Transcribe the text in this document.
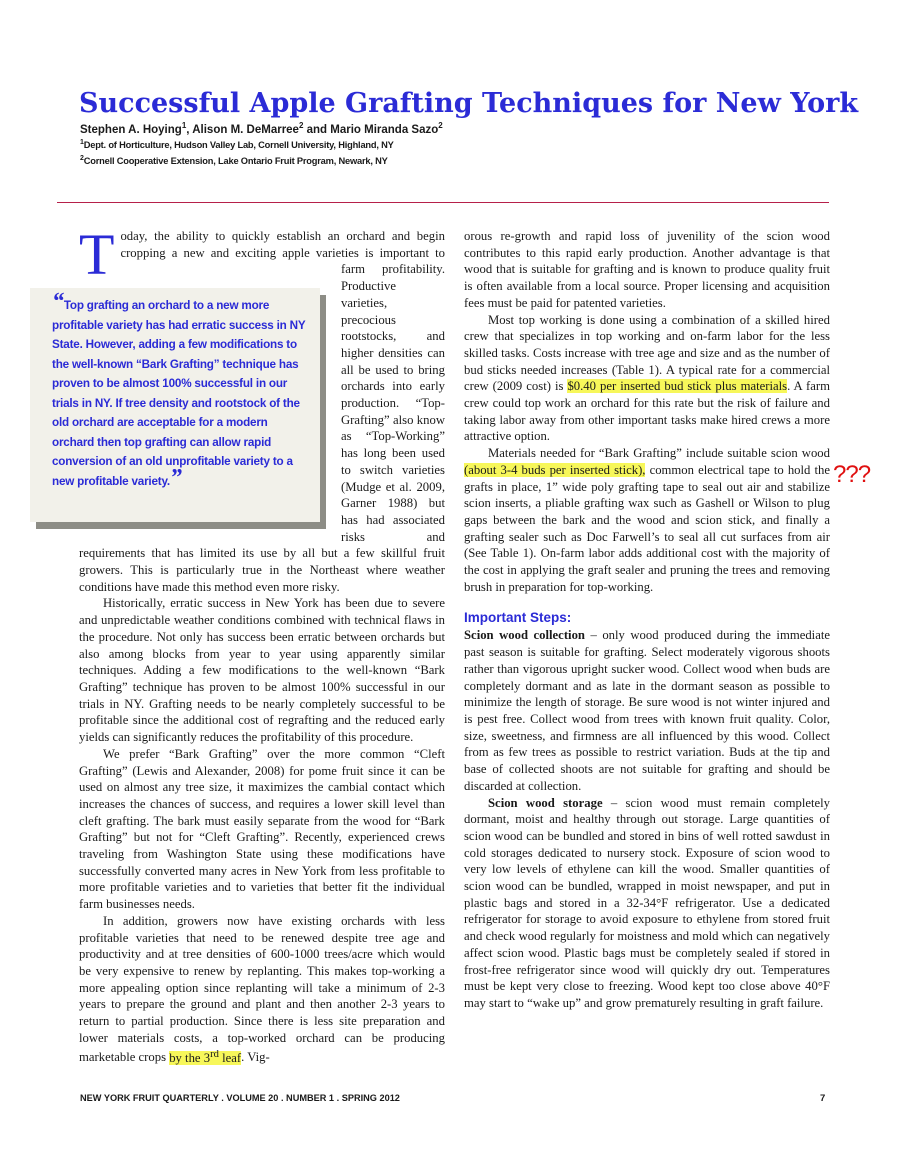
Successful Apple Grafting Techniques for New York
Stephen A. Hoying$^1$, Alison M. DeMarree$^2$ and Mario Miranda Sazo$^2$
$^1$Dept. of Horticulture, Hudson Valley Lab, Cornell University, Highland, NY
$^2$Cornell Cooperative Extension, Lake Ontario Fruit Program, Newark, NY
T oday, the ability to quickly establish an orchard and begin cropping a new and exciting apple varieties is important to farm profitability. Productive varieties, precocious rootstocks, and higher densities can all be used to bring orchards into early production. “Top-Grafting” also know as “Top-Working” has long been used to switch varieties (Mudge et al. 2009, Garner 1988) but has had associated risks and requirements that has limited its use by all but a few skillful fruit growers. This is particularly true in the Northeast where weather conditions have made this method even more risky.

Historically, erratic success in New York has been due to severe and unpredictable weather conditions combined with technical flaws in the procedure. Not only has success been erratic between orchards but also among blocks from year to year using apparently similar techniques. Adding a few modifications to the well-known “Bark Grafting” technique has proven to be almost 100% successful in our trials in NY. Grafting needs to be nearly completely successful to be profitable since the additional cost of regrafting and the reduced early yields can significantly reduces the profitability of this procedure.

We prefer “Bark Grafting” over the more common “Cleft Grafting” (Lewis and Alexander, 2008) for pome fruit since it can be used on almost any tree size, it maximizes the cambial contact which increases the chances of success, and requires a lower skill level than cleft grafting. The bark must easily separate from the wood for “Bark Grafting” but not for “Cleft Grafting”. Recently, experienced crews traveling from Washington State using these modifications have successfully converted many acres in New York from less profitable to more profitable varieties and to varieties that better fit the individual farm businesses needs.

In addition, growers now have existing orchards with less profitable varieties that need to be renewed despite tree age and productivity and at tree densities of 600-1000 trees/acre which would be very expensive to renew by replanting. This makes top-working a more appealing option since replanting will take a minimum of 2-3 years to prepare the ground and plant and then another 2-3 years to return to partial production. Since there is less site preparation and lower materials costs, a top-worked orchard can be producing marketable crops by the 3rd leaf. Vig-

“Top grafting an orchard to a new more profitable variety has had erratic success in NY State. However, adding a few modifications to the well-known “Bark Grafting” technique has proven to be almost 100% successful in our trials in NY. If tree density and rootstock of the old orchard are acceptable for a modern orchard then top grafting can allow rapid conversion of an old unprofitable variety to a new profitable variety.”

orous re-growth and rapid loss of juvenility of the scion wood contributes to this rapid early production. Another advantage is that wood that is suitable for grafting and is known to produce quality fruit is often available from a local source. Proper licensing and acquisition fees must be paid for patented varieties.

Most top working is done using a combination of a skilled hired crew that specializes in top working and on-farm labor for the less skilled tasks. Costs increase with tree age and size and as the number of bud sticks needed increases (Table 1). A typical rate for a commercial crew (2009 cost) is $0.40 per inserted bud stick plus materials. A farm crew could top work an orchard for this rate but the risk of failure and taking labor away from other important tasks make hired crews a more attractive option.

Materials needed for “Bark Grafting” include suitable scion wood (about 3-4 buds per inserted stick), common electrical tape to hold the grafts in place, 1” wide poly grafting tape to seal out air and stabilize scion inserts, a pliable grafting wax such as Gashell or Wilson to plug gaps between the bark and the wood and scion stick, and finally a grafting sealer such as Doc Farwell’s to seal all cut surfaces from air (See Table 1). On-farm labor adds additional cost with the majority of the cost in applying the graft sealer and pruning the trees and removing brush in preparation for top-working.

Important Steps:

Scion wood collection – only wood produced during the immediate past season is suitable for grafting. Select moderately vigorous shoots rather than vigorous upright sucker wood. Collect wood when buds are completely dormant and as late in the dormant season as possible to minimize the length of storage. Be sure wood is not winter injured and is pest free. Collect wood from trees with known fruit quality. Color, size, sweetness, and firmness are all influenced by this wood. Collect from as few trees as possible to restrict variation. Buds at the tip and base of collected shoots are not suitable for grafting and should be discarded at collection.

Scion wood storage – scion wood must remain completely dormant, moist and healthy through out storage. Large quantities of scion wood can be bundled and stored in bins of well rotted sawdust in cold storages dedicated to nursery stock. Exposure of scion wood to very low levels of ethylene can kill the wood. Smaller quantities of scion wood can be bundled, wrapped in moist newspaper, and put in plastic bags and stored in a 32-34°F refrigerator. Use a dedicated refrigerator for storage to avoid exposure to ethylene from stored fruit and check wood regularly for moistness and mold which can negatively affect scion wood. Plastic bags must be completely sealed if stored in frost-free refrigerator since wood will quickly dry out. Temperatures must be kept very close to freezing. Wood kept too close above 40°F may start to “wake up” and grow prematurely resulting in graft failure.

???
NEW YORK FRUIT QUARTERLY . VOLUME 20 . NUMBER 1 . SPRING 2012	7
